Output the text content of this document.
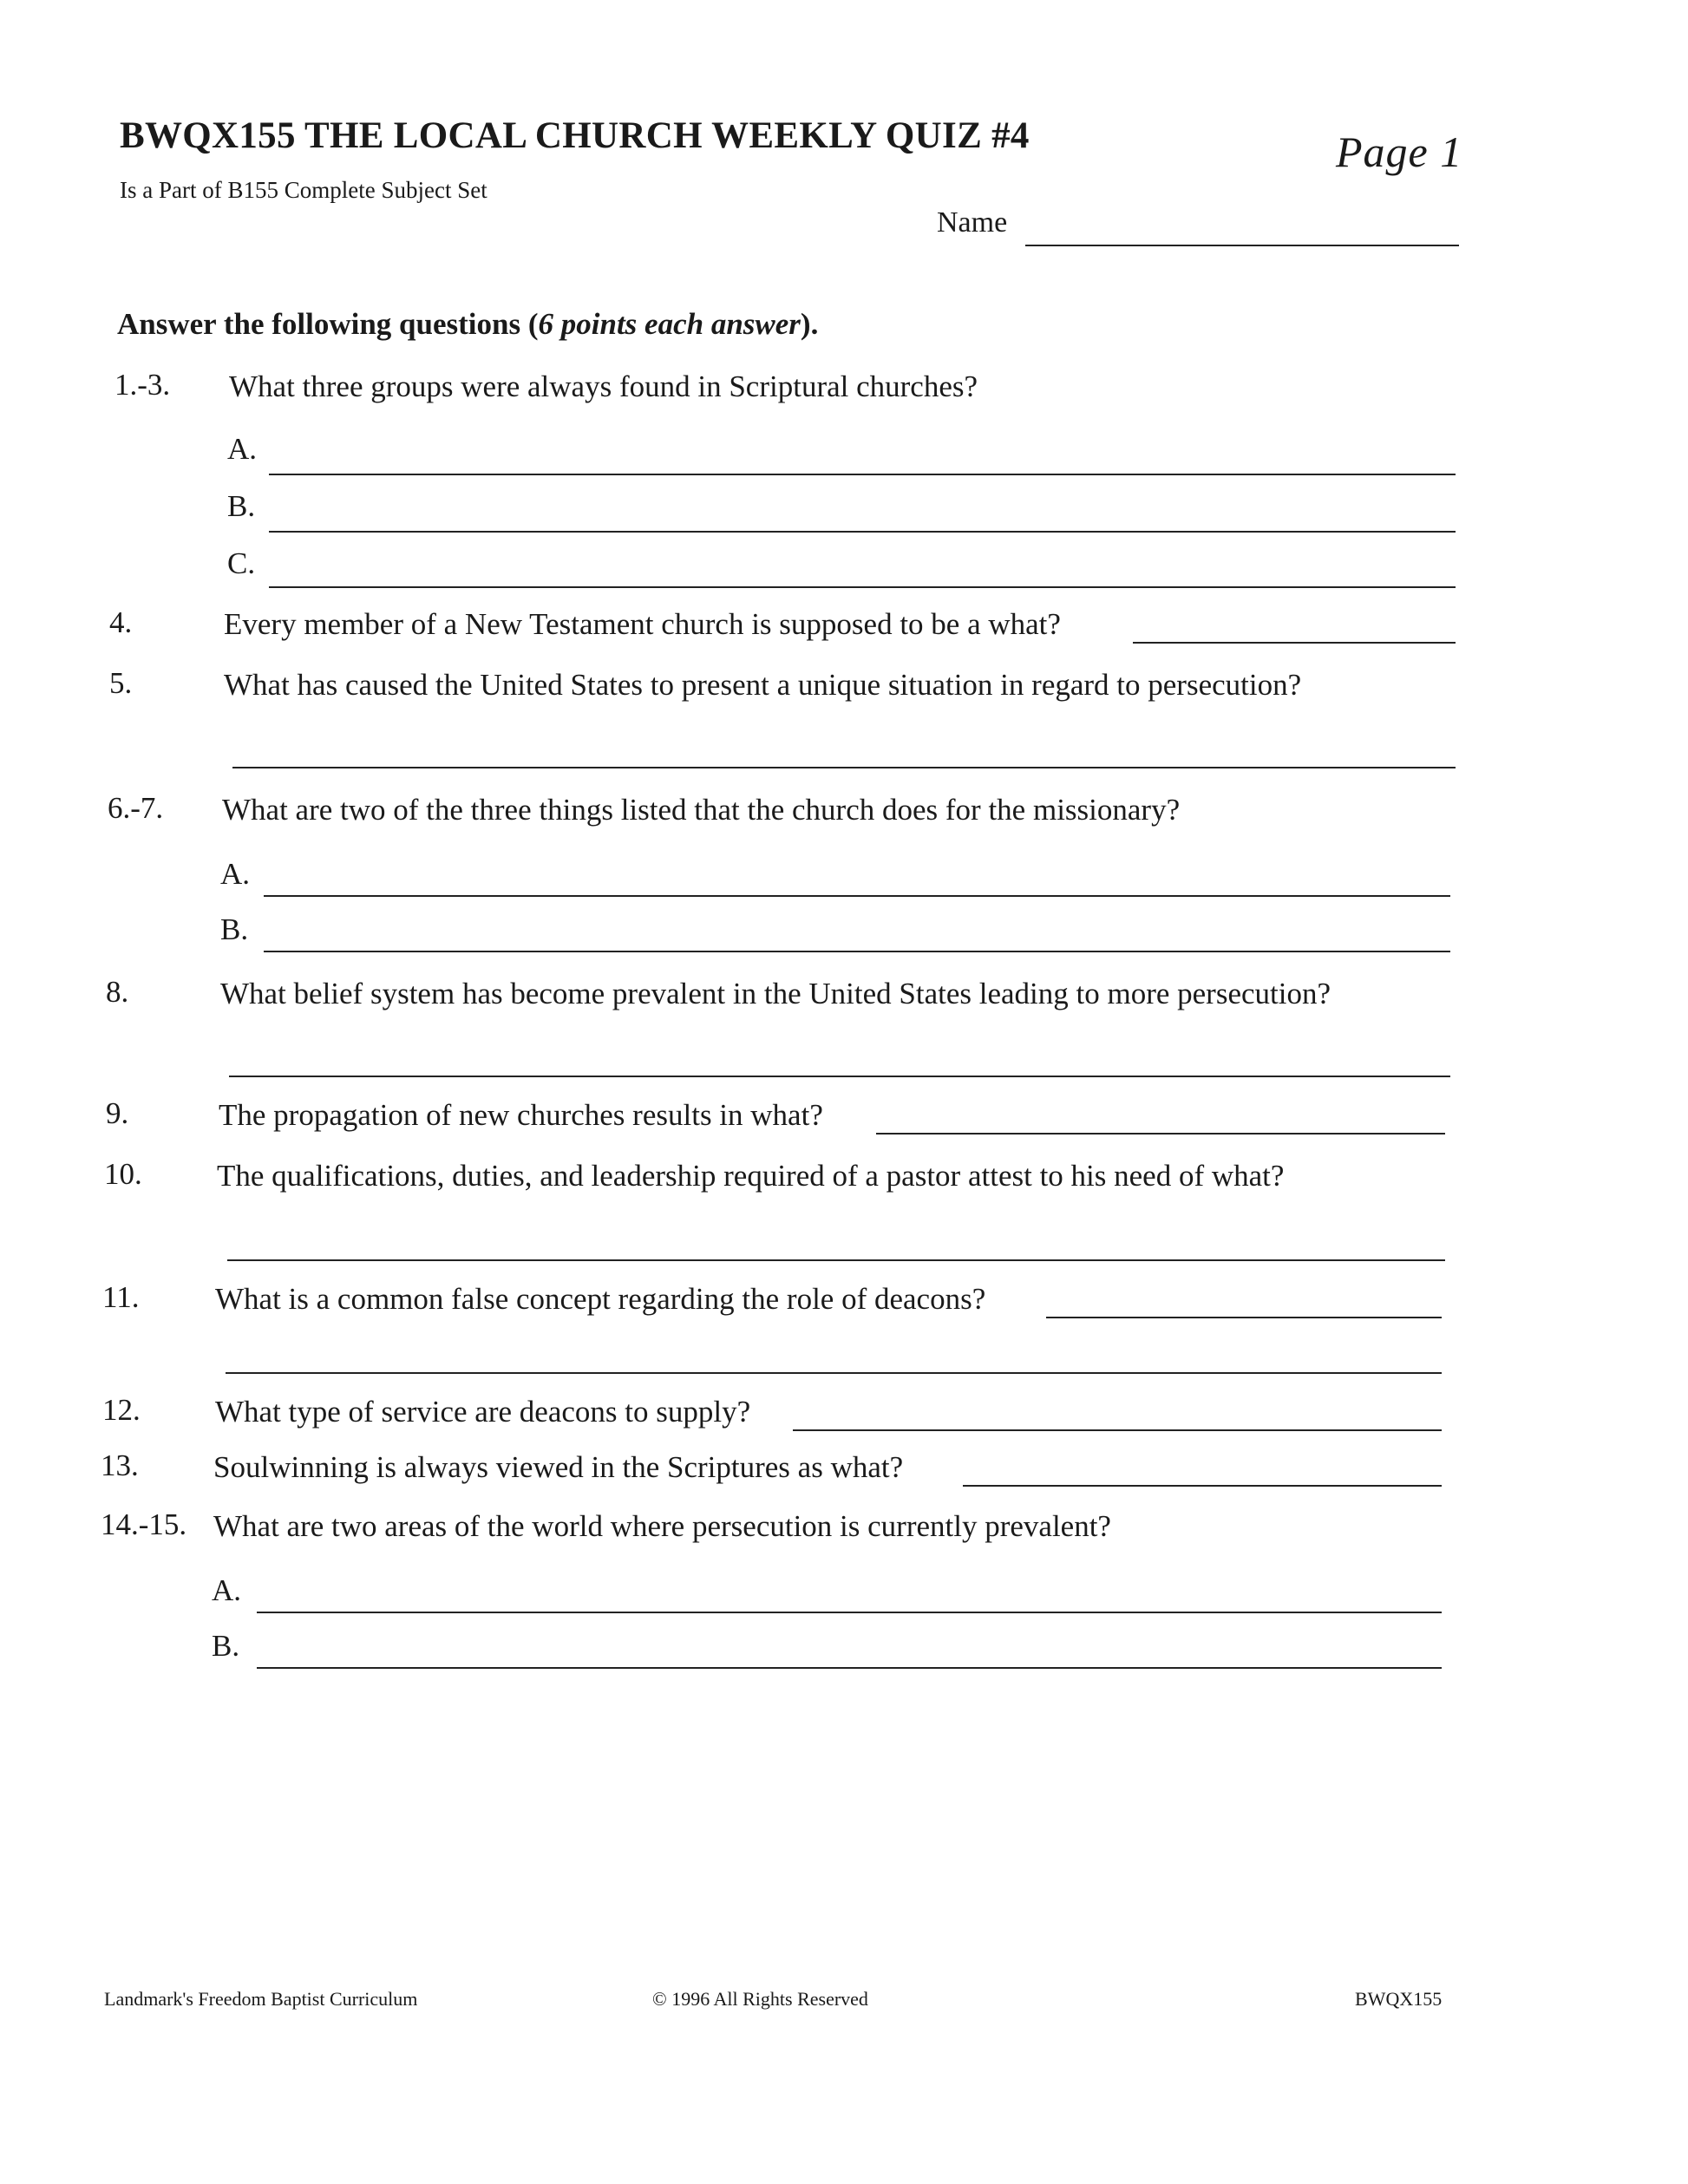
BWQX155 THE LOCAL CHURCH WEEKLY QUIZ #4
Is a Part of B155 Complete Subject Set
Page 1
Name
Answer the following questions (6 points each answer).
1.-3. What three groups were always found in Scriptural churches?
A.
B.
C.
4.	Every member of a New Testament church is supposed to be a what?
5.	What has caused the United States to present a unique situation in regard to persecution?
6.-7. What are two of the three things listed that the church does for the missionary?
A.
B.
8.	What belief system has become prevalent in the United States leading to more persecution?
9.	The propagation of new churches results in what?
10. The qualifications, duties, and leadership required of a pastor attest to his need of what?
11.	What is a common false concept regarding the role of deacons?
12. What type of service are deacons to supply?
13. Soulwinning is always viewed in the Scriptures as what?
14.-15. What are two areas of the world where persecution is currently prevalent?
A.
B.
Landmark's Freedom Baptist Curriculum	© 1996 All Rights Reserved	BWQX155
